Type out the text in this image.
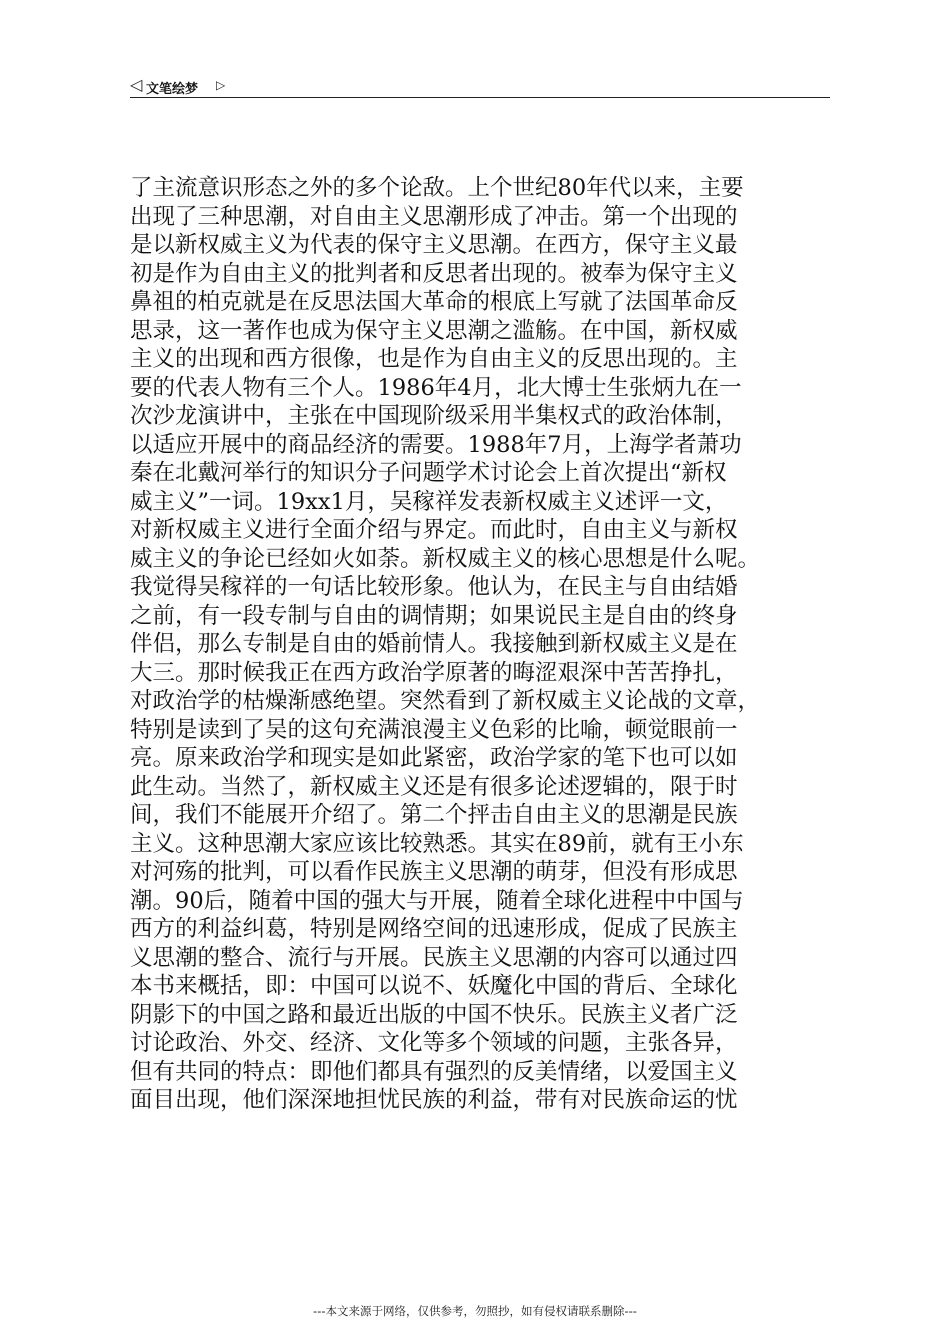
◁ 文笔绘梦 ▷
了主流意识形态之外的多个论敌。上个世纪80年代以来，主要
出现了三种思潮，对自由主义思潮形成了冲击。第一个出现的
是以新权威主义为代表的保守主义思潮。在西方，保守主义最
初是作为自由主义的批判者和反思者出现的。被奉为保守主义
鼻祖的柏克就是在反思法国大革命的根底上写就了法国革命反
思录，这一著作也成为保守主义思潮之滥觞。在中国，新权威
主义的出现和西方很像，也是作为自由主义的反思出现的。主
要的代表人物有三个人。1986年4月，北大博士生张炳九在一
次沙龙演讲中，主张在中国现阶级采用半集权式的政治体制，
以适应开展中的商品经济的需要。1988年7月，上海学者萧功
秦在北戴河举行的知识分子问题学术讨论会上首次提出“新权
威主义”一词。19xx1月，吴稼祥发表新权威主义述评一文，
对新权威主义进行全面介绍与界定。而此时，自由主义与新权
威主义的争论已经如火如荼。新权威主义的核心思想是什么呢。
我觉得吴稼祥的一句话比较形象。他认为，在民主与自由结婚
之前，有一段专制与自由的调情期；如果说民主是自由的终身
伴侣，那么专制是自由的婚前情人。我接触到新权威主义是在
大三。那时候我正在西方政治学原著的晦涩艰深中苦苦挣扎，
对政治学的枯燥渐感绝望。突然看到了新权威主义论战的文章，
特别是读到了吴的这句充满浪漫主义色彩的比喻，顿觉眼前一
亮。原来政治学和现实是如此紧密，政治学家的笔下也可以如
此生动。当然了，新权威主义还是有很多论述逻辑的，限于时
间，我们不能展开介绍了。第二个抨击自由主义的思潮是民族
主义。这种思潮大家应该比较熟悉。其实在89前，就有王小东
对河殇的批判，可以看作民族主义思潮的萌芽，但没有形成思
潮。90后，随着中国的强大与开展，随着全球化进程中中国与
西方的利益纠葛，特别是网络空间的迅速形成，促成了民族主
义思潮的整合、流行与开展。民族主义思潮的内容可以通过四
本书来概括，即：中国可以说不、妖魔化中国的背后、全球化
阴影下的中国之路和最近出版的中国不快乐。民族主义者广泛
讨论政治、外交、经济、文化等多个领域的问题，主张各异，
但有共同的特点：即他们都具有强烈的反美情绪，以爱国主义
面目出现，他们深深地担忧民族的利益，带有对民族命运的忧
---本文来源于网络，仅供参考，勿照抄，如有侵权请联系删除---
